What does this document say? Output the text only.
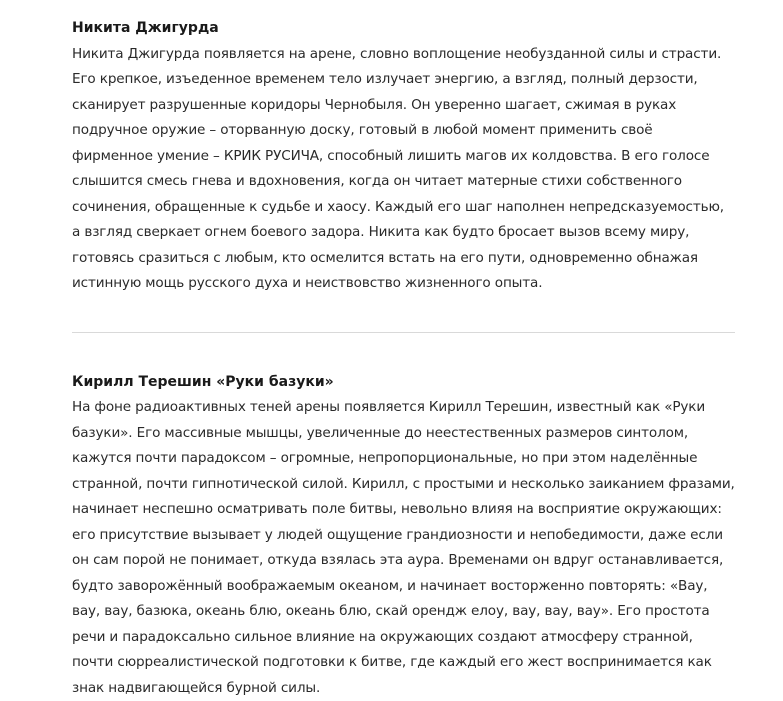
Никита Джигурда

Никита Джигурда появляется на арене, словно воплощение необузданной силы и страсти. Его крепкое, изъеденное временем тело излучает энергию, а взгляд, полный дерзости, сканирует разрушенные коридоры Чернобыля. Он уверенно шагает, сжимая в руках подручное оружие – оторванную доску, готовый в любой момент применить своё фирменное умение – КРИК РУСИЧА, способный лишить магов их колдовства. В его голосе слышится смесь гнева и вдохновения, когда он читает матерные стихи собственного сочинения, обращенные к судьбе и хаосу. Каждый его шаг наполнен непредсказуемостью, а взгляд сверкает огнем боевого задора. Никита как будто бросает вызов всему миру, готовясь сразиться с любым, кто осмелится встать на его пути, одновременно обнажая истинную мощь русского духа и неиствовство жизненного опыта.

Кирилл Терешин «Руки базуки»

На фоне радиоактивных теней арены появляется Кирилл Терешин, известный как «Руки базуки». Его массивные мышцы, увеличенные до неестественных размеров синтолом, кажутся почти парадоксом – огромные, непропорциональные, но при этом наделённые странной, почти гипнотической силой. Кирилл, с простыми и несколько заиканием фразами, начинает неспешно осматривать поле битвы, невольно влияя на восприятие окружающих: его присутствие вызывает у людей ощущение грандиозности и непобедимости, даже если он сам порой не понимает, откуда взялась эта аура. Временами он вдруг останавливается, будто заворожённый воображаемым океаном, и начинает восторженно повторять: «Вау, вау, вау, базюка, океань блю, океань блю, скай орендж елоу, вау, вау, вау». Его простота речи и парадоксально сильное влияние на окружающих создают атмосферу странной, почти сюрреалистической подготовки к битве, где каждый его жест воспринимается как знак надвигающейся бурной силы.
